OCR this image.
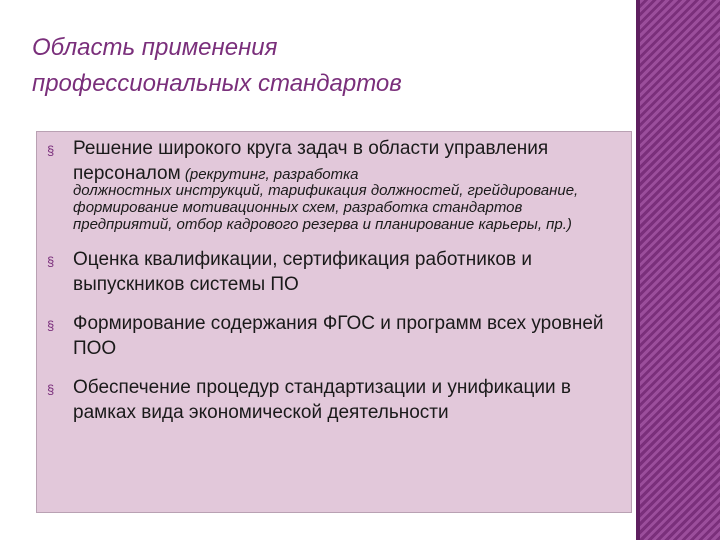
Область применения
профессиональных стандартов
§ Решение широкого круга задач в области управления персоналом (рекрутинг, разработка
должностных инструкций, тарификация должностей, грейдирование, формирование мотивационных схем, разработка стандартов предприятий, отбор кадрового резерва и планирование карьеры, пр.)
§ Оценка квалификации, сертификация работников и выпускников системы ПО
§ Формирование содержания ФГОС и программ всех уровней ПОО
§ Обеспечение процедур стандартизации и унификации в рамках вида экономической деятельности
